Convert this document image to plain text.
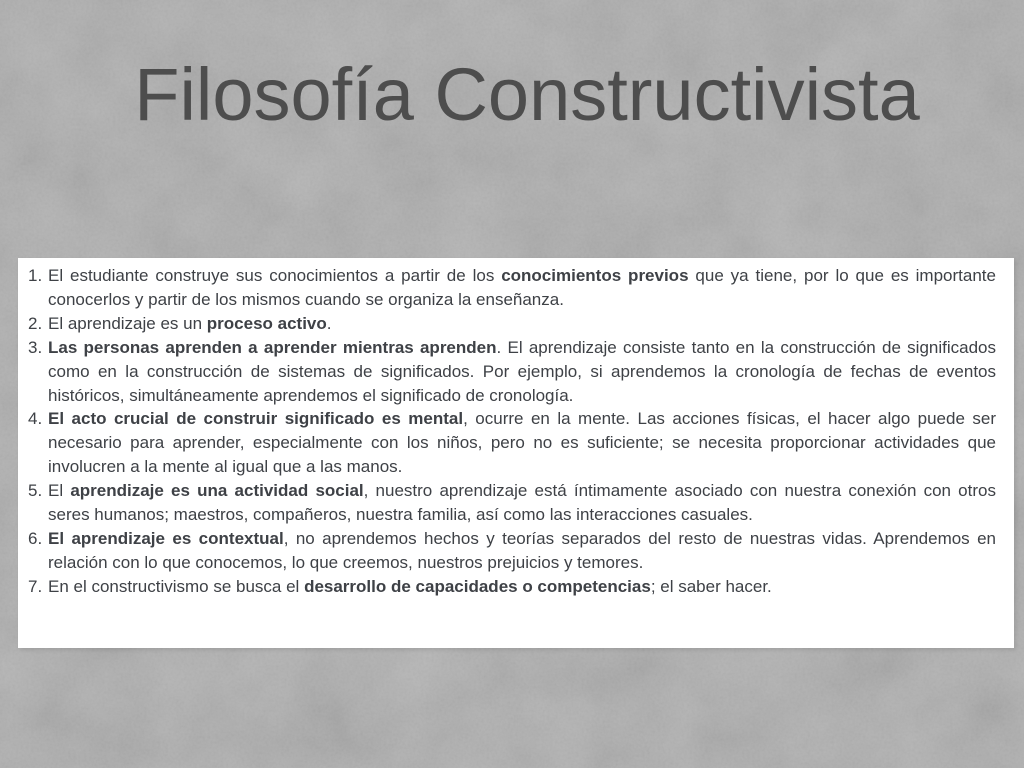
Filosofía Constructivista
1. El estudiante construye sus conocimientos a partir de los conocimientos previos que ya tiene, por lo que es importante conocerlos y partir de los mismos cuando se organiza la enseñanza.
2. El aprendizaje es un proceso activo.
3. Las personas aprenden a aprender mientras aprenden. El aprendizaje consiste tanto en la construcción de significados como en la construcción de sistemas de significados. Por ejemplo, si aprendemos la cronología de fechas de eventos históricos, simultáneamente aprendemos el significado de cronología.
4. El acto crucial de construir significado es mental, ocurre en la mente. Las acciones físicas, el hacer algo puede ser necesario para aprender, especialmente con los niños, pero no es suficiente; se necesita proporcionar actividades que involucren a la mente al igual que a las manos.
5. El aprendizaje es una actividad social, nuestro aprendizaje está íntimamente asociado con nuestra conexión con otros seres humanos; maestros, compañeros, nuestra familia, así como las interacciones casuales.
6. El aprendizaje es contextual, no aprendemos hechos y teorías separados del resto de nuestras vidas. Aprendemos en relación con lo que conocemos, lo que creemos, nuestros prejuicios y temores.
7. En el constructivismo se busca el desarrollo de capacidades o competencias; el saber hacer.
